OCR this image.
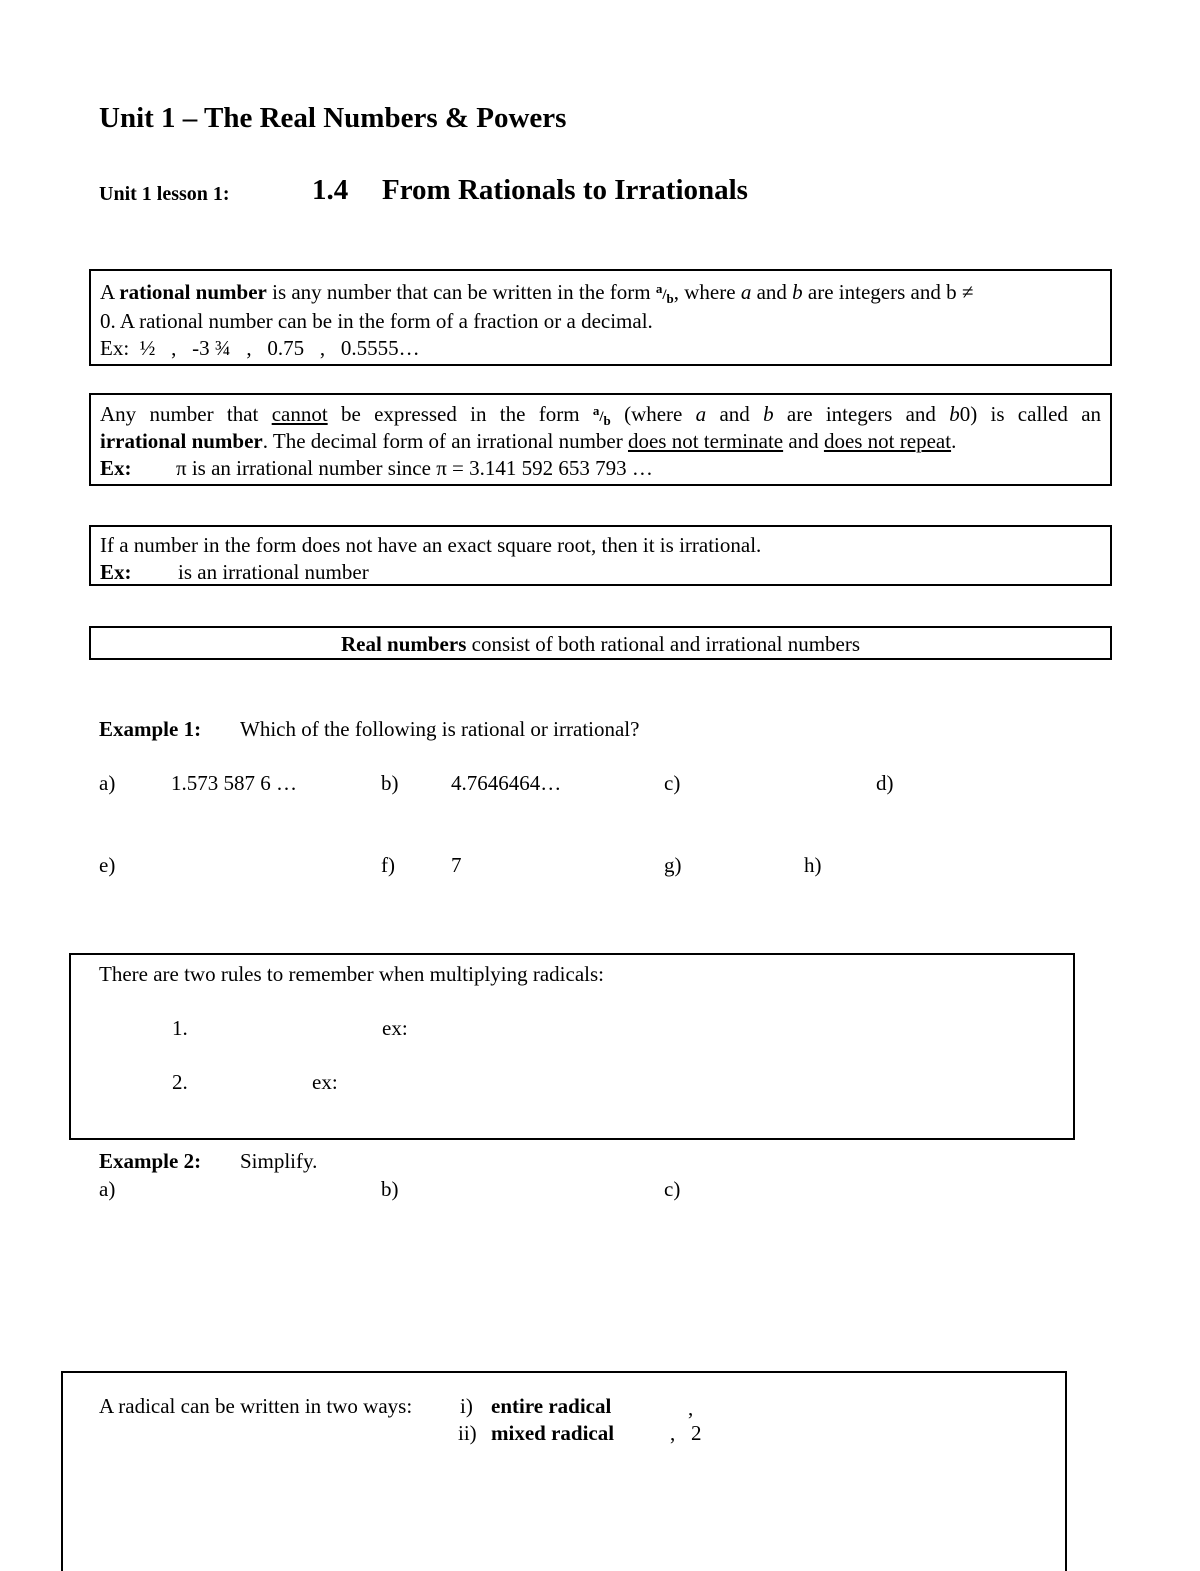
Unit 1 – The Real Numbers & Powers
Unit 1 lesson 1:	1.4 From Rationals to Irrationals

A rational number is any number that can be written in the form $^a/_b$, where a and b are integers and b ≠

0. A rational number can be in the form of a fraction or a decimal.

Ex: ½   ,   -3 ¾   ,   0.75   ,   0.5555…

Any number that cannot be expressed in the form $^a/_b$ (where a and b are integers and b0) is called an

irrational number. The decimal form of an irrational number does not terminate and does not repeat.

Ex: π is an irrational number since π = 3.141 592 653 793 …

If a number in the form does not have an exact square root, then it is irrational.

Ex: is an irrational number

Real numbers consist of both rational and irrational numbers

Example 1: Which of the following is rational or irrational?
a)	1.573 587 6 …	b)	4.7646464…	c)	d)
e)	f)	7	g)	h)
There are two rules to remember when multiplying radicals:
1.	ex:
2.	ex:
Example 2: Simplify.
a)	b)	c)
A radical can be written in two ways: i) entire radical	,
ii) mixed radical	,   2
